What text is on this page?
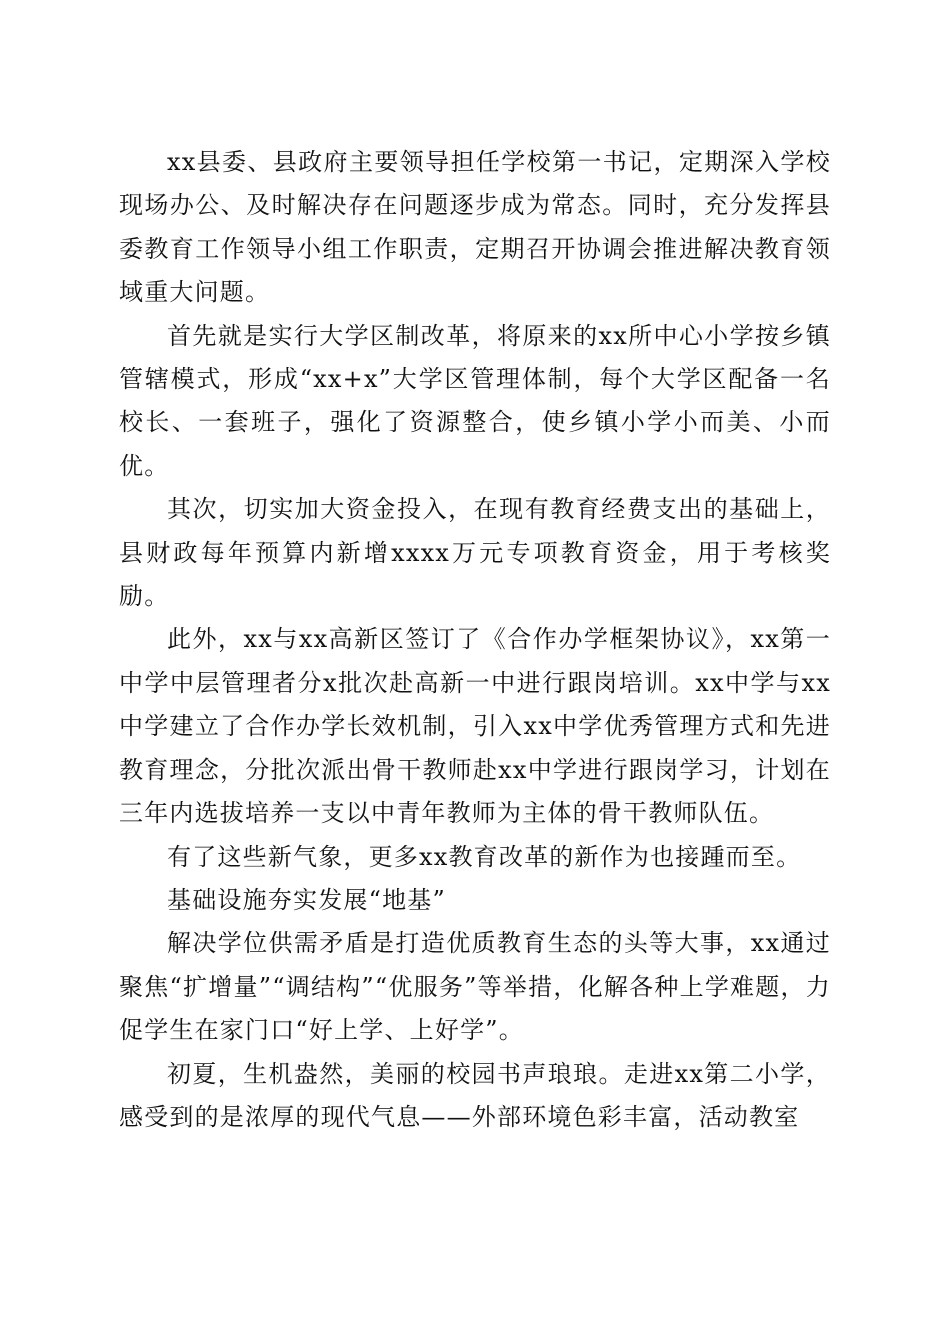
xx县委、县政府主要领导担任学校第一书记，定期深入学校现场办公、及时解决存在问题逐步成为常态。同时，充分发挥县委教育工作领导小组工作职责，定期召开协调会推进解决教育领域重大问题。

首先就是实行大学区制改革，将原来的xx所中心小学按乡镇管辖模式，形成“xx+x”大学区管理体制，每个大学区配备一名校长、一套班子，强化了资源整合，使乡镇小学小而美、小而优。

其次，切实加大资金投入，在现有教育经费支出的基础上，县财政每年预算内新增xxxx万元专项教育资金，用于考核奖励。

此外，xx与xx高新区签订了《合作办学框架协议》，xx第一中学中层管理者分x批次赴高新一中进行跟岗培训。xx中学与xx中学建立了合作办学长效机制，引入xx中学优秀管理方式和先进教育理念，分批次派出骨干教师赴xx中学进行跟岗学习，计划在三年内选拔培养一支以中青年教师为主体的骨干教师队伍。

有了这些新气象，更多xx教育改革的新作为也接踵而至。

基础设施夯实发展“地基”

解决学位供需矛盾是打造优质教育生态的头等大事，xx通过聚焦“扩增量”“调结构”“优服务”等举措，化解各种上学难题，力促学生在家门口“好上学、上好学”。

初夏，生机盎然，美丽的校园书声琅琅。走进xx第二小学，感受到的是浓厚的现代气息——外部环境色彩丰富，活动教室
